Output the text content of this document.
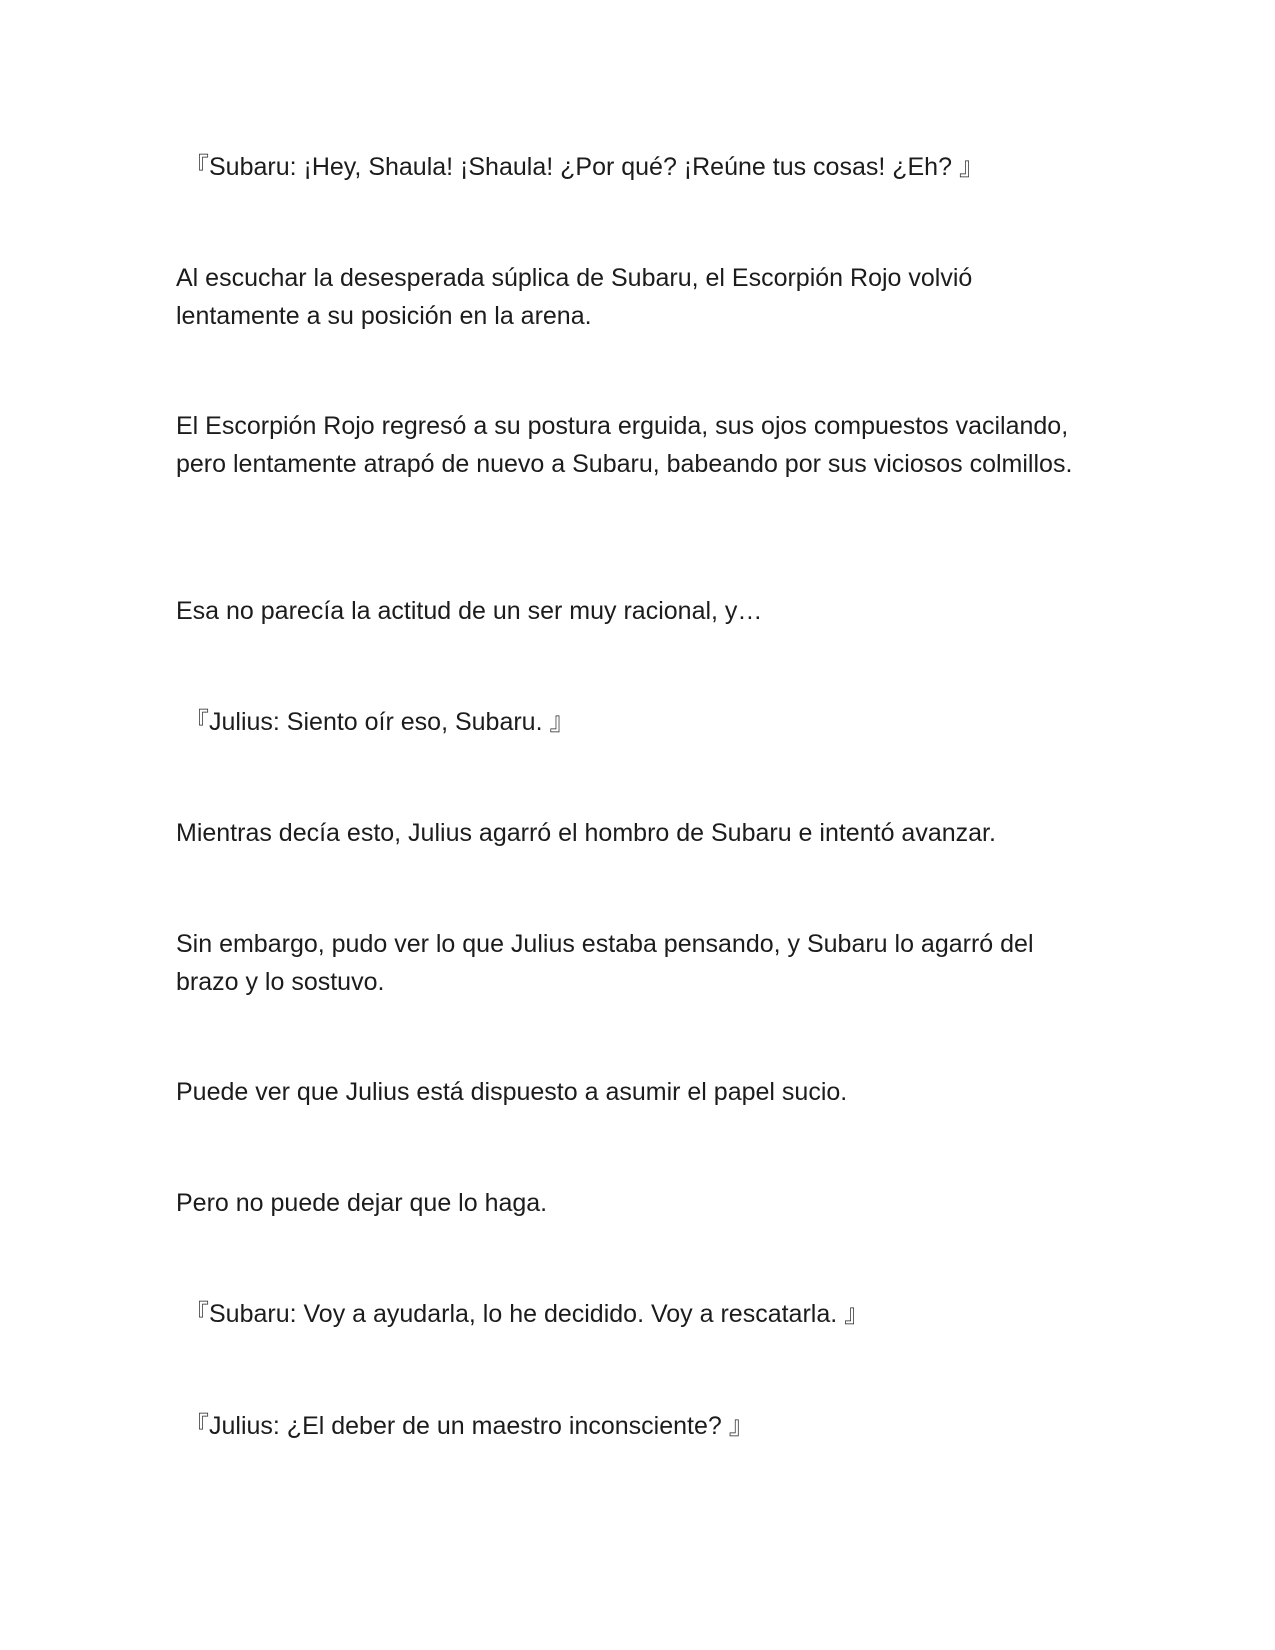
『Subaru: ¡Hey, Shaula! ¡Shaula! ¿Por qué? ¡Reúne tus cosas! ¿Eh? 』

Al escuchar la desesperada súplica de Subaru, el Escorpión Rojo volvió lentamente a su posición en la arena.

El Escorpión Rojo regresó a su postura erguida, sus ojos compuestos vacilando, pero lentamente atrapó de nuevo a Subaru, babeando por sus viciosos colmillos.

Esa no parecía la actitud de un ser muy racional, y…

『Julius: Siento oír eso, Subaru. 』

Mientras decía esto, Julius agarró el hombro de Subaru e intentó avanzar.

Sin embargo, pudo ver lo que Julius estaba pensando, y Subaru lo agarró del brazo y lo sostuvo.

Puede ver que Julius está dispuesto a asumir el papel sucio.

Pero no puede dejar que lo haga.

『Subaru: Voy a ayudarla, lo he decidido. Voy a rescatarla. 』

『Julius: ¿El deber de un maestro inconsciente? 』
